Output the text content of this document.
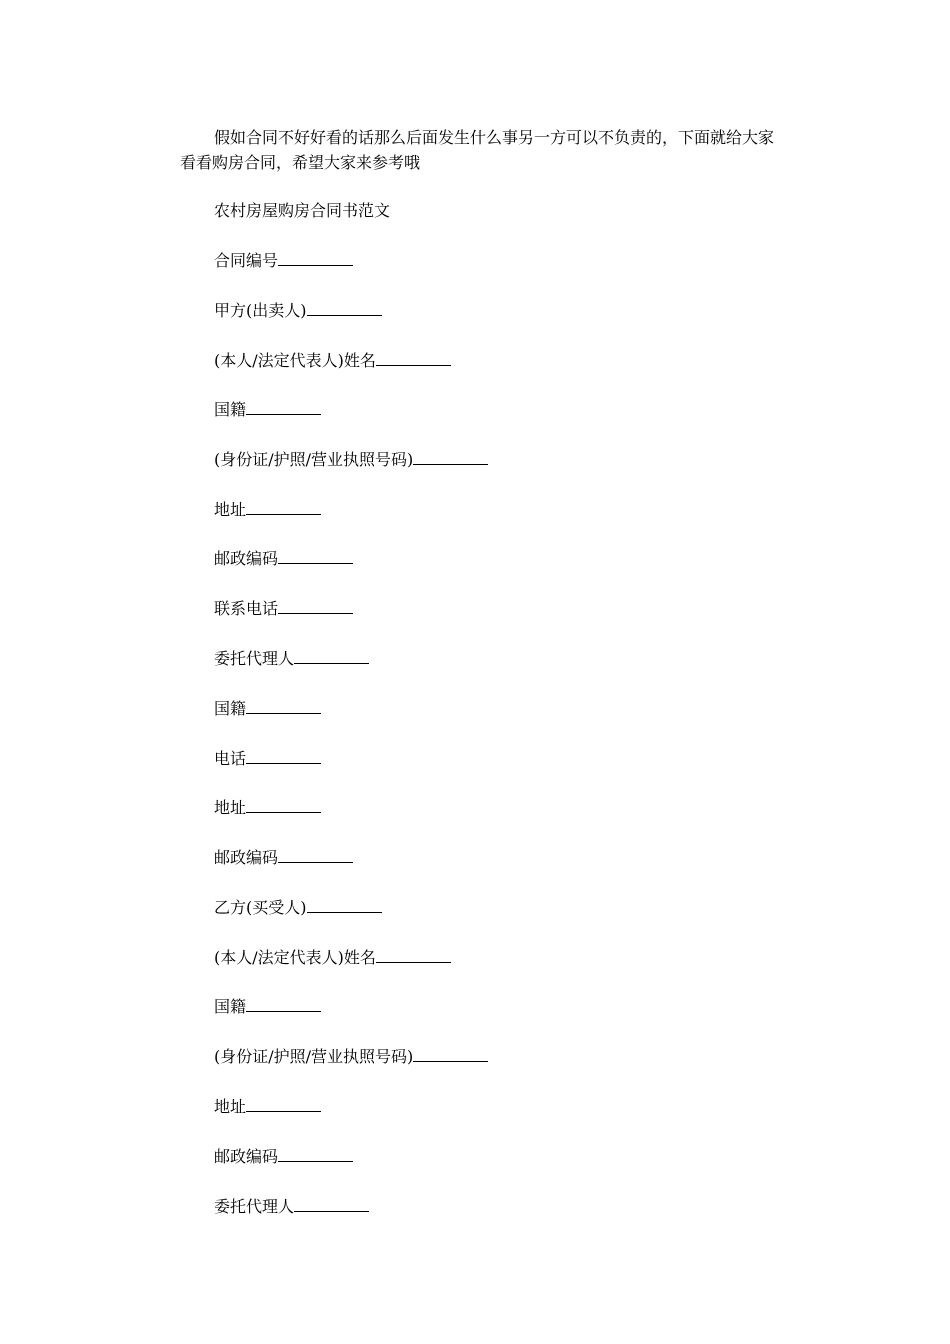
假如合同不好好看的话那么后面发生什么事另一方可以不负责的，下面就给大家看看购房合同，希望大家来参考哦

农村房屋购房合同书范文

合同编号

甲方(出卖人)

(本人/法定代表人)姓名

国籍

(身份证/护照/营业执照号码)

地址

邮政编码

联系电话

委托代理人

国籍

电话

地址

邮政编码

乙方(买受人)

(本人/法定代表人)姓名

国籍

(身份证/护照/营业执照号码)

地址

邮政编码

委托代理人
